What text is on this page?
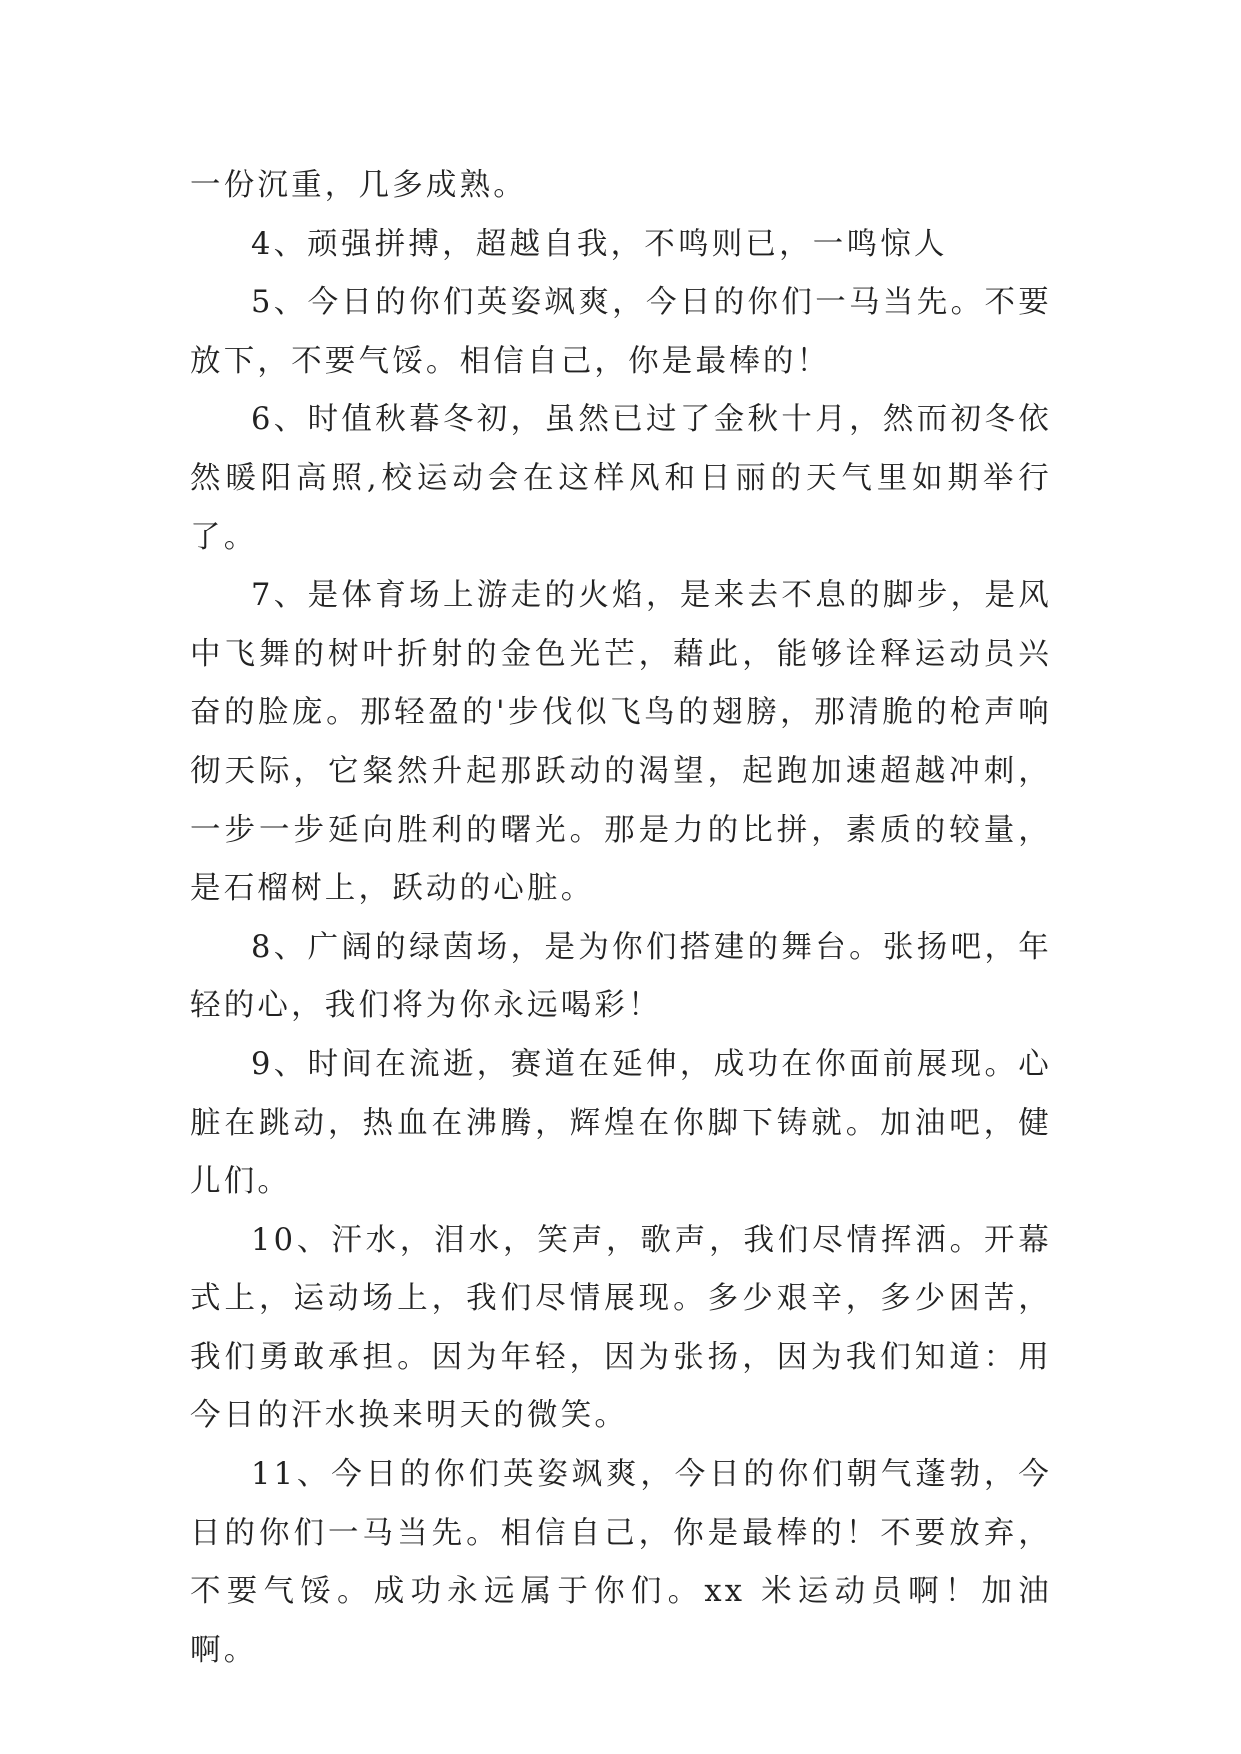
一份沉重，几多成熟。

4、顽强拼搏，超越自我，不鸣则已，一鸣惊人

5、今日的你们英姿飒爽，今日的你们一马当先。不要放下，不要气馁。相信自己，你是最棒的！

6、时值秋暮冬初，虽然已过了金秋十月，然而初冬依然暖阳高照,校运动会在这样风和日丽的天气里如期举行了。

7、是体育场上游走的火焰，是来去不息的脚步，是风中飞舞的树叶折射的金色光芒，藉此，能够诠释运动员兴奋的脸庞。那轻盈的'步伐似飞鸟的翅膀，那清脆的枪声响彻天际，它粲然升起那跃动的渴望，起跑加速超越冲刺，一步一步延向胜利的曙光。那是力的比拼，素质的较量，是石榴树上，跃动的心脏。

8、广阔的绿茵场，是为你们搭建的舞台。张扬吧，年轻的心，我们将为你永远喝彩！

9、时间在流逝，赛道在延伸，成功在你面前展现。心脏在跳动，热血在沸腾，辉煌在你脚下铸就。加油吧，健儿们。

10、汗水，泪水，笑声，歌声，我们尽情挥洒。开幕式上，运动场上，我们尽情展现。多少艰辛，多少困苦，我们勇敢承担。因为年轻，因为张扬，因为我们知道：用今日的汗水换来明天的微笑。

11、今日的你们英姿飒爽，今日的你们朝气蓬勃，今日的你们一马当先。相信自己，你是最棒的！不要放弃，不要气馁。成功永远属于你们。xx 米运动员啊！加油啊。
